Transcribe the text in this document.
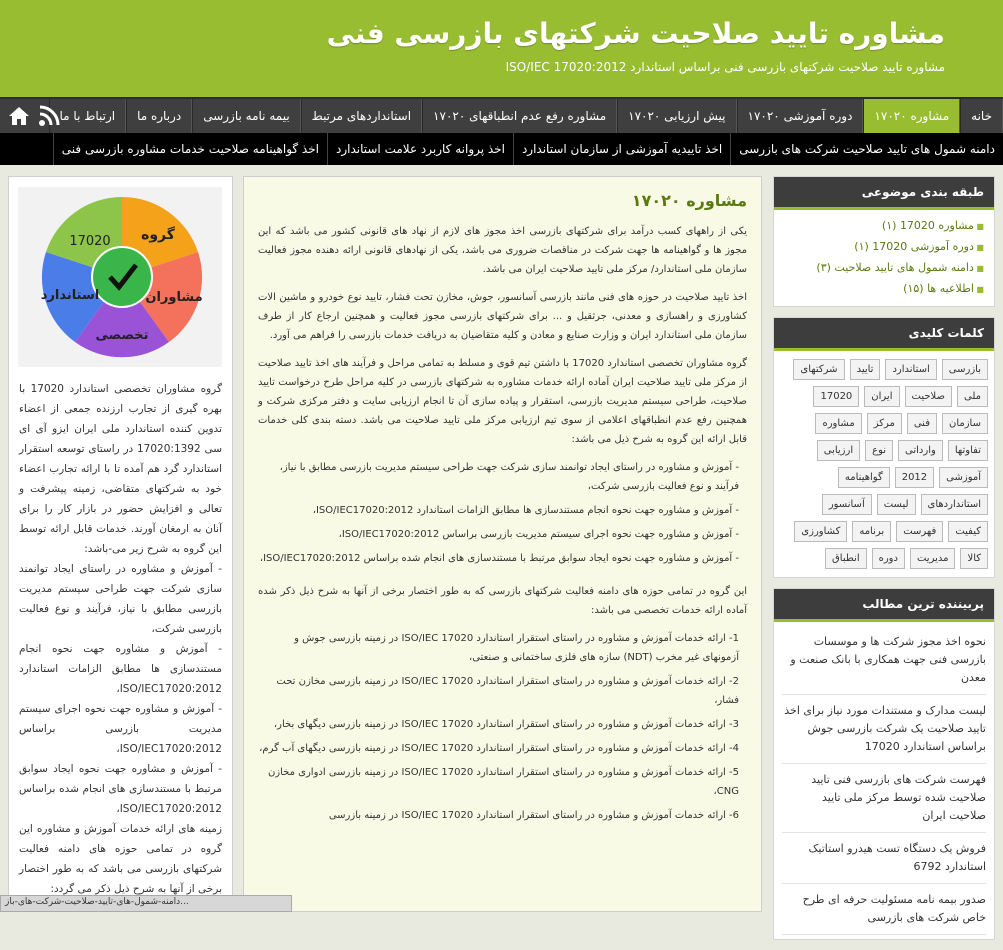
مشاوره تایید صلاحیت شرکتهای بازرسی فنی
مشاوره تایید صلاحیت شرکتهای بازرسی فنی براساس استاندارد ISO/IEC 17020:2012
خانه
مشاوره ۱۷۰۲۰
دوره آموزشی ۱۷۰۲۰
پیش ارزیابی ۱۷۰۲۰
مشاوره رفع عدم انطباقهای ۱۷۰۲۰
استانداردهای مرتبط
بیمه نامه بازرسی
درباره ما
ارتباط با ما
دامنه شمول های تایید صلاحیت شرکت های بازرسی
اخذ تاییدیه آموزشی از سازمان استاندارد
اخذ پروانه کاربرد علامت استاندارد
اخذ گواهینامه صلاحیت خدمات مشاوره بازرسی فنی
طبقه بندی موضوعی
■ مشاوره 17020 (۱)
■ دوره آموزشی 17020 (۱)
■ دامنه شمول های تایید صلاحیت (۳)
■ اطلاعیه ها (۱۵)
کلمات کلیدی
بازرسی
استاندارد
تایید
شرکتهای
ملی
صلاحیت
ایران
17020
سازمان
فنی
مرکز
مشاوره
تفاوتها
وارداتی
نوع
ارزیابی
آموزشی
2012
گواهینامه
استانداردهای
لیست
آسانسور
کیفیت
فهرست
برنامه
کشاورزی
کالا
مدیریت
دوره
انطباق
پربیننده ترین مطالب
نحوه اخذ مجوز شرکت ها و موسسات بازرسی فنی جهت همکاری با بانک صنعت و معدن
لیست مدارک و مستندات مورد نیاز برای اخذ تایید صلاحیت یک شرکت بازرسی جوش براساس استاندارد 17020
فهرست شرکت های بازرسی فنی تایید صلاحیت شده توسط مرکز ملی تایید صلاحیت ایران
فروش یک دستگاه تست هیدرو استاتیک استاندارد 6792
صدور بیمه نامه مسئولیت حرفه ای طرح خاص شرکت های بازرسی
مشاوره ۱۷۰۲۰

یکی از راههای کسب درآمد برای شرکتهای بازرسی اخذ مجوز های لازم از نهاد های قانونی کشور می باشد که این مجوز ها و گواهینامه ها جهت شرکت در مناقصات ضروری می باشد، یکی از نهادهای قانونی ارائه دهنده مجوز فعالیت سازمان ملی استاندارد/ مرکز ملی تایید صلاحیت ایران می باشد.

اخذ تایید صلاحیت در حوزه های فنی مانند بازرسی آسانسور، جوش، مخازن تحت فشار، تایید نوع خودرو و ماشین الات کشاورزی و راهسازی و معدنی، جرثقیل و ... برای شرکتهای بازرسی مجوز فعالیت و همچنین ارجاع کار از طرف سازمان ملی استاندارد ایران و وزارت صنایع و معادن و کلیه متقاضیان به دریافت خدمات بازرسی را فراهم می آورد.

گروه مشاوران تخصصی استاندارد 17020 با داشتن تیم قوی و مسلط به تمامی مراحل و فرآیند های اخذ تایید صلاحیت از مرکز ملی تایید صلاحیت ایران آماده ارائه خدمات مشاوره به شرکتهای بازرسی در کلیه مراحل طرح درخواست تایید صلاحیت، طراحی سیستم مدیریت بازرسی، استقرار و پیاده سازی آن تا انجام ارزیابی سایت و دفتر مرکزی شرکت و همچنین رفع عدم انطباقهای اعلامی از سوی تیم ارزیابی مرکز ملی تایید صلاحیت می باشد. دسته بندی کلی خدمات قابل ارائه این گروه به شرح ذیل می باشد:

- آموزش و مشاوره در راستای ایجاد توانمند سازی شرکت جهت طراحی سیستم مدیریت بازرسی مطابق با نیاز، فرآیند و نوع فعالیت بازرسی شرکت،
- آموزش و مشاوره جهت نحوه انجام مستندسازی ها مطابق الزامات استاندارد ISO/IEC17020:2012،
- آموزش و مشاوره جهت نحوه اجرای سیستم مدیریت بازرسی براساس ISO/IEC17020:2012،
- آموزش و مشاوره جهت نحوه ایجاد سوابق مرتبط با مستندسازی های انجام شده براساس ISO/IEC17020:2012،

این گروه در تمامی حوزه های دامنه فعالیت شرکتهای بازرسی که به طور اختصار برخی از آنها به شرح ذیل ذکر شده آماده ارائه خدمات تخصصی می باشد:

1- ارائه خدمات آموزش و مشاوره در راستای استقرار استاندارد ISO/IEC 17020 در زمینه بازرسی جوش و آزمونهای غیر مخرب (NDT) سازه های فلزی ساختمانی و صنعتی،
2- ارائه خدمات آموزش و مشاوره در راستای استقرار استاندارد ISO/IEC 17020 در زمینه بازرسی مخازن تحت فشار،
3- ارائه خدمات آموزش و مشاوره در راستای استقرار استاندارد ISO/IEC 17020 در زمینه بازرسی دیگهای بخار،
4- ارائه خدمات آموزش و مشاوره در راستای استقرار استاندارد ISO/IEC 17020 در زمینه بازرسی دیگهای آب گرم،
5- ارائه خدمات آموزش و مشاوره در راستای استقرار استاندارد ISO/IEC 17020 در زمینه بازرسی ادواری مخازن CNG،
6- ارائه خدمات آموزش و مشاوره در راستای استقرار استاندارد ISO/IEC 17020 در زمینه بازرسی
17020 گروه
مشاوران
تخصصی
استاندارد

گروه مشاوران تخصصی استاندارد 17020 با بهره گیری از تجارب ارزنده جمعی از اعضاء تدوین کننده استاندارد ملی ایران ایزو آی ای سی 17020:1392 در راستای توسعه استقرار استاندارد گرد هم آمده تا با ارائه تجارب اعضاء خود به شرکتهای متقاضی، زمینه پیشرفت و تعالی و افزایش حضور در بازار کار را برای آنان به ارمغان آورند. خدمات قابل ارائه توسط این گروه به شرح زیر می-باشد:

- آموزش و مشاوره در راستای ایجاد توانمند سازی شرکت جهت طراحی سیستم مدیریت بازرسی مطابق با نیاز، فرآیند و نوع فعالیت بازرسی شرکت،

- آموزش و مشاوره جهت نحوه انجام مستندسازی ها مطابق الزامات استاندارد ISO/IEC17020:2012،

- آموزش و مشاوره جهت نحوه اجرای سیستم مدیریت بازرسی براساس ISO/IEC17020:2012،

- آموزش و مشاوره جهت نحوه ایجاد سوابق مرتبط با مستندسازی های انجام شده براساس ISO/IEC17020:2012،

زمینه های ارائه خدمات آموزش و مشاوره این گروه در تمامی حوزه های دامنه فعالیت شرکتهای بازرسی می باشد که به طور اختصار برخی از آنها به شرح ذیل ذکر می گردد:

دامنه-شمول-های-تایید-صلاحیت-شرکت-های-باز...
